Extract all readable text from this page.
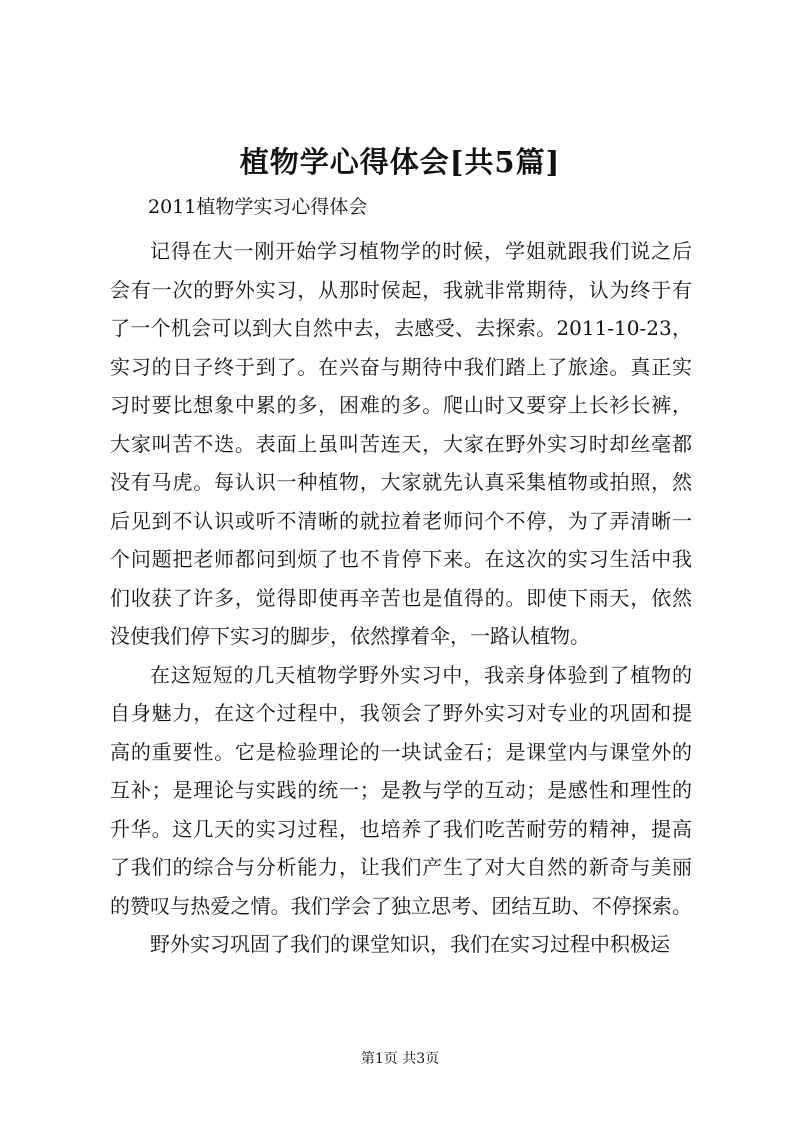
植物学心得体会[共5篇]

2011植物学实习心得体会

记得在大一刚开始学习植物学的时候，学姐就跟我们说之后
会有一次的野外实习，从那时侯起，我就非常期待，认为终于有
了一个机会可以到大自然中去，去感受、去探索。2011-10-23，
实习的日子终于到了。在兴奋与期待中我们踏上了旅途。真正实
习时要比想象中累的多，困难的多。爬山时又要穿上长衫长裤，
大家叫苦不迭。表面上虽叫苦连天，大家在野外实习时却丝毫都
没有马虎。每认识一种植物，大家就先认真采集植物或拍照，然
后见到不认识或听不清晰的就拉着老师问个不停，为了弄清晰一
个问题把老师都问到烦了也不肯停下来。在这次的实习生活中我
们收获了许多，觉得即使再辛苦也是值得的。即使下雨天，依然
没使我们停下实习的脚步，依然撑着伞，一路认植物。
在这短短的几天植物学野外实习中，我亲身体验到了植物的
自身魅力，在这个过程中，我领会了野外实习对专业的巩固和提
高的重要性。它是检验理论的一块试金石；是课堂内与课堂外的
互补；是理论与实践的统一；是教与学的互动；是感性和理性的
升华。这几天的实习过程，也培养了我们吃苦耐劳的精神，提高
了我们的综合与分析能力，让我们产生了对大自然的新奇与美丽
的赞叹与热爱之情。我们学会了独立思考、团结互助、不停探索。
野外实习巩固了我们的课堂知识，我们在实习过程中积极运

第1页 共3页
